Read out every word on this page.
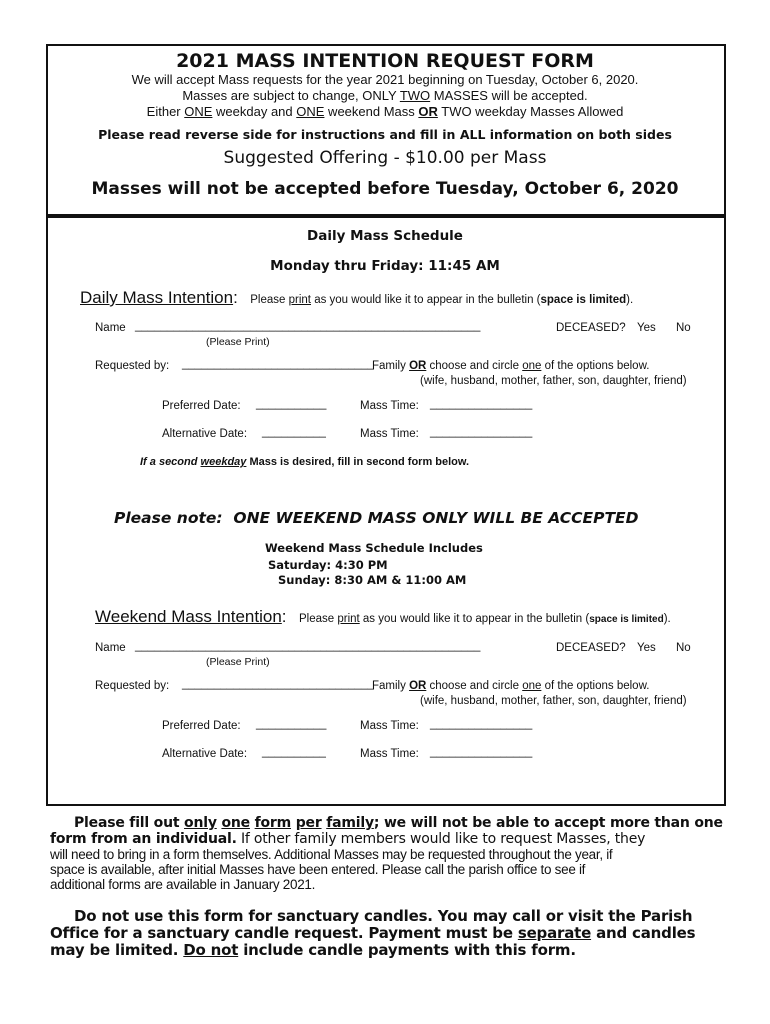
2021 MASS INTENTION REQUEST FORM
We will accept Mass requests for the year 2021 beginning on Tuesday, October 6, 2020.
Masses are subject to change, ONLY TWO MASSES will be accepted.
Either ONE weekday and ONE weekend Mass OR TWO weekday Masses Allowed
Please read reverse side for instructions and fill in ALL information on both sides
Suggested Offering - $10.00 per Mass
Masses will not be accepted before Tuesday, October 6, 2020
Daily Mass Schedule
Monday thru Friday: 11:45 AM
Daily Mass Intention: Please print as you would like it to appear in the bulletin (space is limited).
Name ______________________________________________________
(Please Print)
DECEASED? Yes No
Requested by: ______________________________
Family OR choose and circle one of the options below.
(wife, husband, mother, father, son, daughter, friend)
Preferred Date: ___________	Mass Time: ________________
Alternative Date: __________	Mass Time: ________________
If a second weekday Mass is desired, fill in second form below.
Please note: ONE WEEKEND MASS ONLY WILL BE ACCEPTED
Weekend Mass Schedule Includes
Saturday: 4:30 PM
Sunday: 8:30 AM & 11:00 AM
Weekend Mass Intention: Please print as you would like it to appear in the bulletin (space is limited).
Name ______________________________________________________
(Please Print)
DECEASED? Yes No
Requested by: ______________________________
Family OR choose and circle one of the options below.
(wife, husband, mother, father, son, daughter, friend)
Preferred Date: ___________	Mass Time: ________________
Alternative Date: __________	Mass Time: ________________
Please fill out only one form per family; we will not be able to accept more than one
form from an individual. If other family members would like to request Masses, they
will need to bring in a form themselves. Additional Masses may be requested throughout the year, if
space is available, after initial Masses have been entered. Please call the parish office to see if
additional forms are available in January 2021.
Do not use this form for sanctuary candles. You may call or visit the Parish
Office for a sanctuary candle request. Payment must be separate and candles
may be limited. Do not include candle payments with this form.
